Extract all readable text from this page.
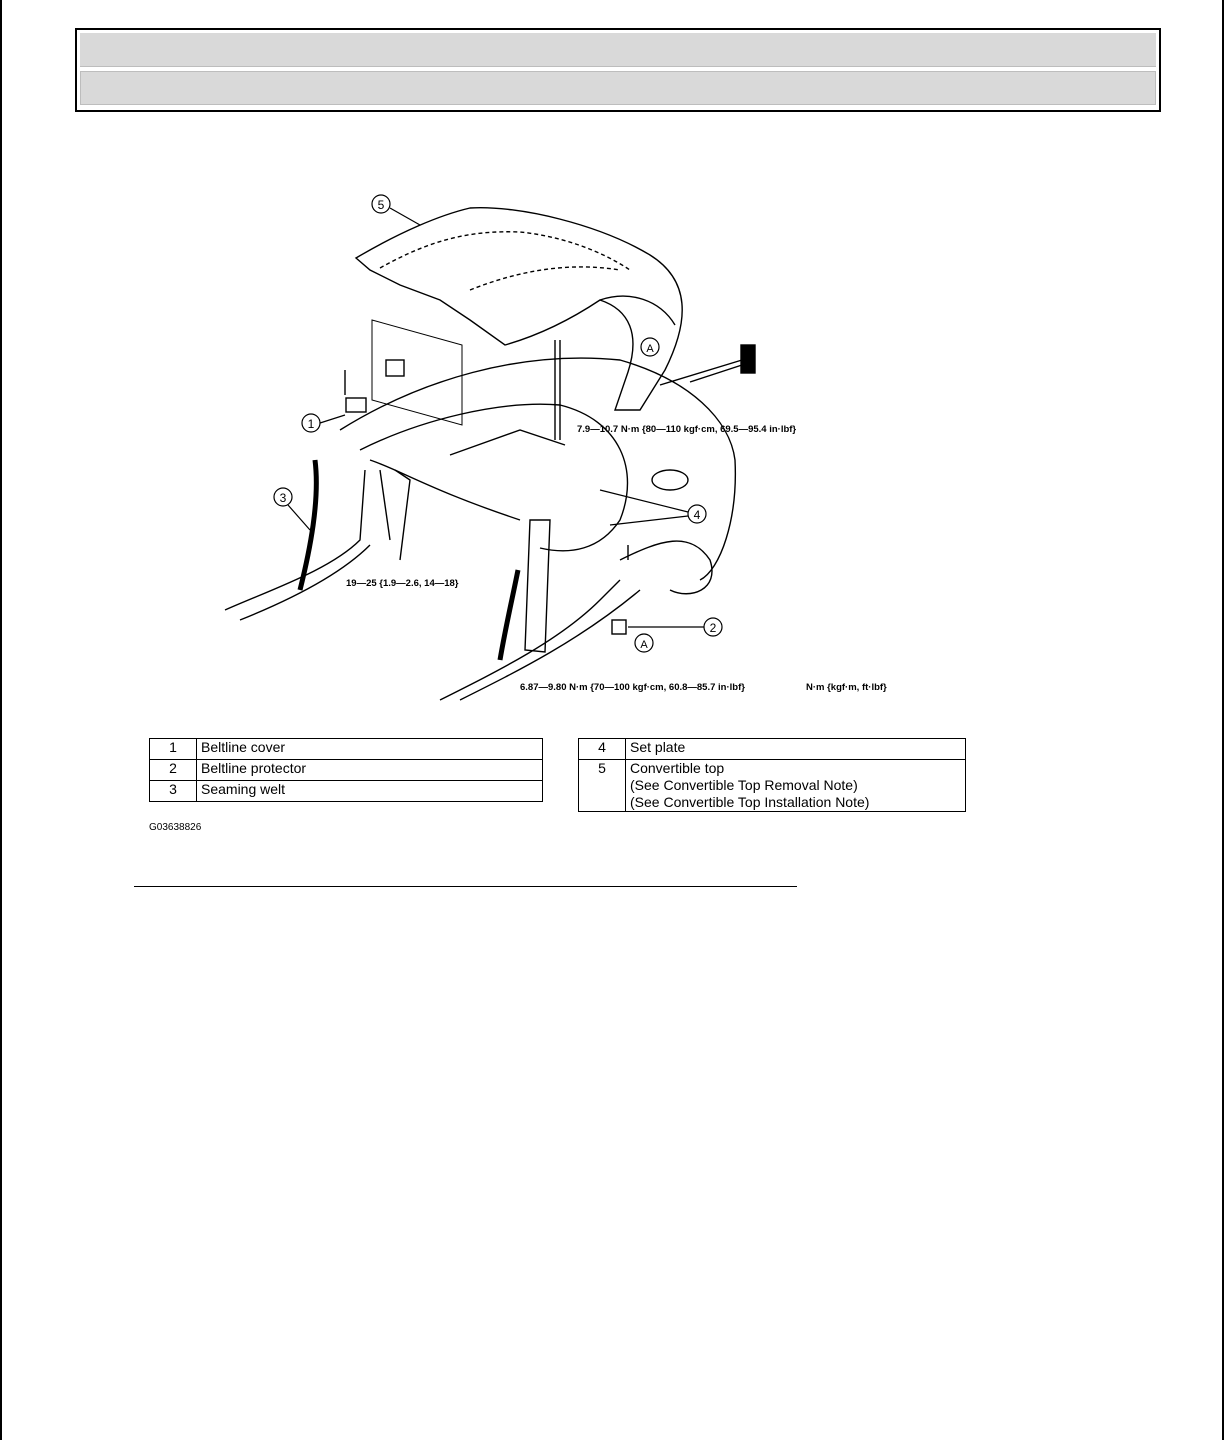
5
1
3
4
2
A
A
7.9—10.7 N·m {80—110 kgf·cm, 69.5—95.4 in·lbf}
19—25 {1.9—2.6, 14—18}
6.87—9.80 N·m {70—100 kgf·cm, 60.8—85.7 in·lbf}	N·m {kgf·m, ft·lbf}
1	Beltline cover
2	Beltline protector
3	Seaming welt
4	Set plate

5	Convertible top
(See Convertible Top Removal Note)
(See Convertible Top Installation Note)
G03638826
